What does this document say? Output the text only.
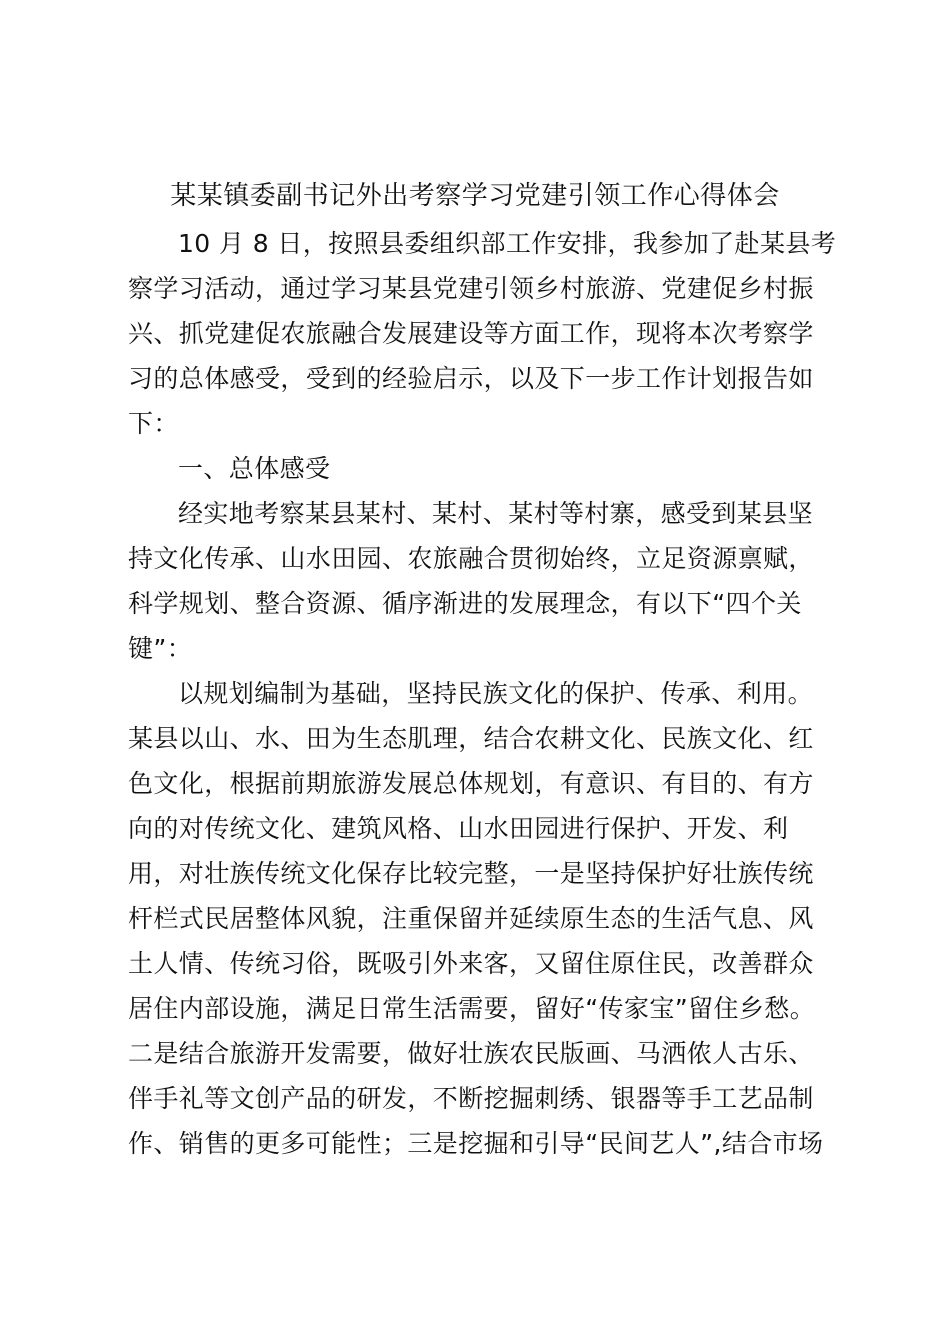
某某镇委副书记外出考察学习党建引领工作心得体会
10 月 8 日，按照县委组织部工作安排，我参加了赴某县考
察学习活动，通过学习某县党建引领乡村旅游、党建促乡村振
兴、抓党建促农旅融合发展建设等方面工作，现将本次考察学
习的总体感受，受到的经验启示，以及下一步工作计划报告如
下：
一、总体感受
经实地考察某县某村、某村、某村等村寨，感受到某县坚
持文化传承、山水田园、农旅融合贯彻始终，立足资源禀赋，
科学规划、整合资源、循序渐进的发展理念，有以下“四个关
键”：
以规划编制为基础，坚持民族文化的保护、传承、利用。
某县以山、水、田为生态肌理，结合农耕文化、民族文化、红
色文化，根据前期旅游发展总体规划，有意识、有目的、有方
向的对传统文化、建筑风格、山水田园进行保护、开发、利
用，对壮族传统文化保存比较完整，一是坚持保护好壮族传统
杆栏式民居整体风貌，注重保留并延续原生态的生活气息、风
土人情、传统习俗，既吸引外来客，又留住原住民，改善群众
居住内部设施，满足日常生活需要，留好“传家宝”留住乡愁。
二是结合旅游开发需要，做好壮族农民版画、马洒侬人古乐、
伴手礼等文创产品的研发，不断挖掘刺绣、银器等手工艺品制
作、销售的更多可能性；三是挖掘和引导“民间艺人”,结合市场
